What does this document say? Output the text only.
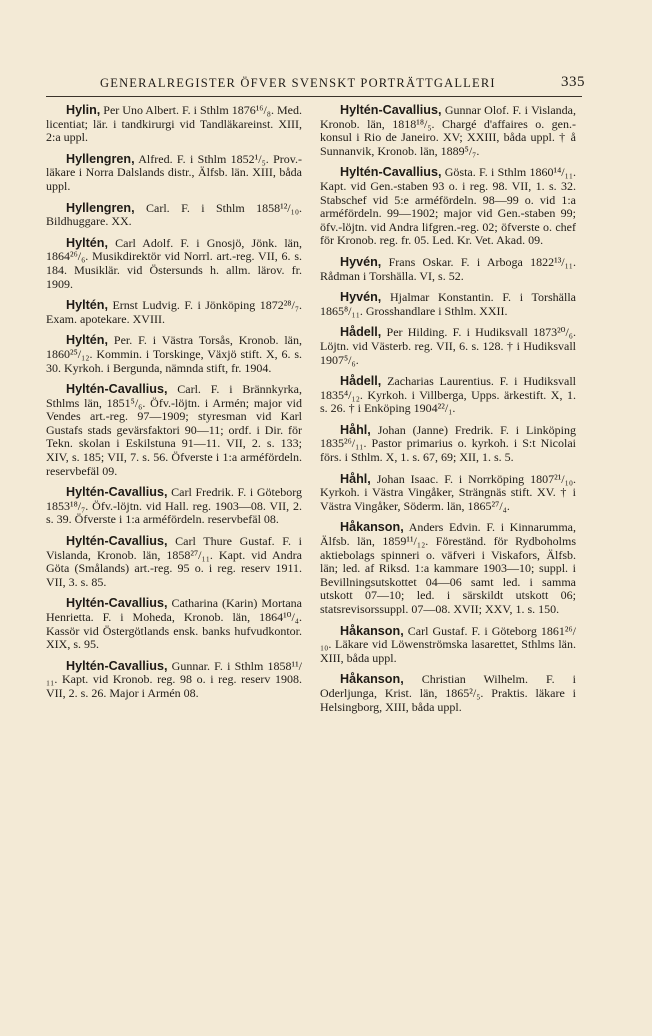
GENERALREGISTER ÖFVER SVENSKT PORTRÄTTGALLERI	335

Hylin, Per Uno Albert. F. i Sthlm 1876¹⁶/₈. Med. licentiat; lär. i tandkirurgi vid Tandläkareinst. XIII, 2:a uppl.

Hyllengren, Alfred. F. i Sthlm 1852¹/₅. Prov.-läkare i Norra Dalslands distr., Älfsb. län. XIII, båda uppl.

Hyllengren, Carl. F. i Sthlm 1858¹²/₁₀. Bildhuggare. XX.

Hyltén, Carl Adolf. F. i Gnosjö, Jönk. län, 1864²⁶/₆. Musikdirektör vid Norrl. art.-reg. VII, 6. s. 184. Musiklär. vid Östersunds h. allm. lärov. fr. 1909.

Hyltén, Ernst Ludvig. F. i Jönköping 1872²⁸/₇. Exam. apotekare. XVIII.

Hyltén, Per. F. i Västra Torsås, Kronob. län, 1860²⁵/₁₂. Kommin. i Torskinge, Växjö stift. X, 6. s. 30. Kyrkoh. i Bergunda, nämnda stift, fr. 1904.

Hyltén-Cavallius, Carl. F. i Brännkyrka, Sthlms län, 1851⁵/₆. Öfv.-löjtn. i Armén; major vid Vendes art.-reg. 97—1909; styresman vid Karl Gustafs stads gevärsfaktori 90—11; ordf. i Dir. för Tekn. skolan i Eskilstuna 91—11. VII, 2. s. 133; XIV, s. 185; VII, 7. s. 56. Öfverste i 1:a arméfördeln. reservbefäl 09.

Hyltén-Cavallius, Carl Fredrik. F. i Göteborg 1853¹⁸/₇. Öfv.-löjtn. vid Hall. reg. 1903—08. VII, 2. s. 39. Öfverste i 1:a arméfördeln. reservbefäl 08.

Hyltén-Cavallius, Carl Thure Gustaf. F. i Vislanda, Kronob. län, 1858²⁷/₁₁. Kapt. vid Andra Göta (Smålands) art.-reg. 95 o. i reg. reserv 1911. VII, 3. s. 85.

Hyltén-Cavallius, Catharina (Karin) Mortana Henrietta. F. i Moheda, Kronob. län, 1864¹⁰/₄. Kassör vid Östergötlands ensk. banks hufvudkontor. XIX, s. 95.

Hyltén-Cavallius, Gunnar. F. i Sthlm 1858¹¹/₁₁. Kapt. vid Kronob. reg. 98 o. i reg. reserv 1908. VII, 2. s. 26. Major i Armén 08.

Hyltén-Cavallius, Gunnar Olof. F. i Vislanda, Kronob. län, 1818¹⁸/₅. Chargé d'affaires o. gen.-konsul i Rio de Janeiro. XV; XXIII, båda uppl. † å Sunnanvik, Kronob. län, 1889⁵/₇.

Hyltén-Cavallius, Gösta. F. i Sthlm 1860¹⁴/₁₁. Kapt. vid Gen.-staben 93 o. i reg. 98. VII, 1. s. 32. Stabschef vid 5:e arméfördeln. 98—99 o. vid 1:a arméfördeln. 99—1902; major vid Gen.-staben 99; öfv.-löjtn. vid Andra lifgren.-reg. 02; öfverste o. chef för Kronob. reg. fr. 05. Led. Kr. Vet. Akad. 09.

Hyvén, Frans Oskar. F. i Arboga 1822¹³/₁₁. Rådman i Torshälla. VI, s. 52.

Hyvén, Hjalmar Konstantin. F. i Torshälla 1865⁸/₁₁. Grosshandlare i Sthlm. XXII.

Hådell, Per Hilding. F. i Hudiksvall 1873²⁰/₆. Löjtn. vid Västerb. reg. VII, 6. s. 128. † i Hudiksvall 1907⁵/₆.

Hådell, Zacharias Laurentius. F. i Hudiksvall 1835⁴/₁₂. Kyrkoh. i Villberga, Upps. ärkestift. X, 1. s. 26. † i Enköping 1904²²/₁.

Håhl, Johan (Janne) Fredrik. F. i Linköping 1835²⁶/₁₁. Pastor primarius o. kyrkoh. i S:t Nicolai förs. i Sthlm. X, 1. s. 67, 69; XII, 1. s. 5.

Håhl, Johan Isaac. F. i Norrköping 1807²¹/₁₀. Kyrkoh. i Västra Vingåker, Strängnäs stift. XV. † i Västra Vingåker, Söderm. län, 1865²⁷/₄.

Håkanson, Anders Edvin. F. i Kinnarumma, Älfsb. län, 1859¹¹/₁₂. Föreständ. för Rydboholms aktiebolags spinneri o. väfveri i Viskafors, Älfsb. län; led. af Riksd. 1:a kammare 1903—10; suppl. i Bevillningsutskottet 04—06 samt led. i samma utskott 07—10; led. i särskildt utskott 06; statsrevisorssuppl. 07—08. XVII; XXV, 1. s. 150.

Håkanson, Carl Gustaf. F. i Göteborg 1861²⁶/₁₀. Läkare vid Löwenströmska lasarettet, Sthlms län. XIII, båda uppl.

Håkanson, Christian Wilhelm. F. i Oderljunga, Krist. län, 1865²/₅. Praktis. läkare i Helsingborg, XIII, båda uppl.
